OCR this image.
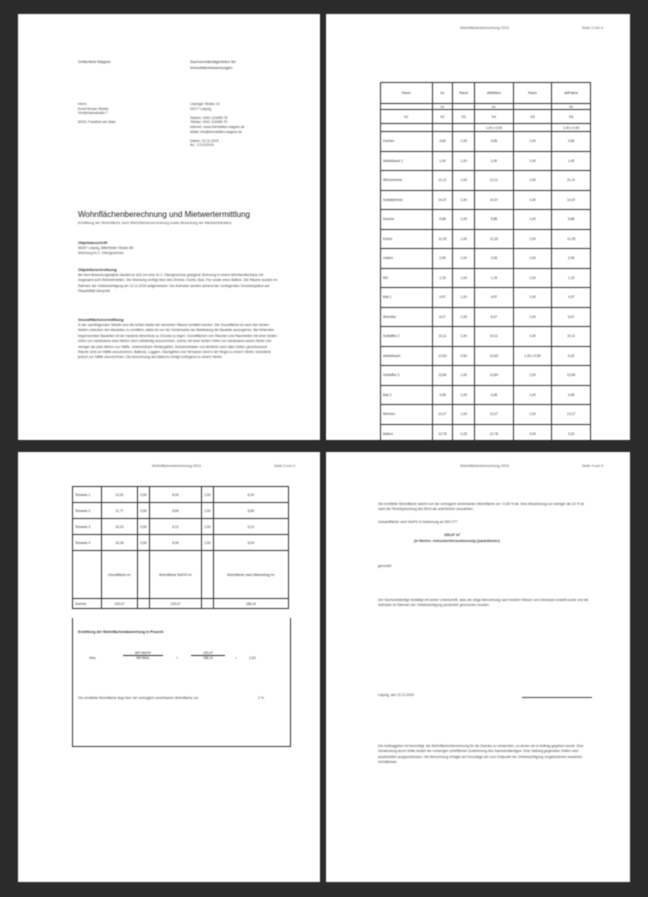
Grillenfeld Wagner	Sachverständigenbüro für
Immobilienbewertungen
Herrn
Ernst-Reuter-Straße
Vorderhausstraße 7
60311 Frankfurt am Main
Leipziger Straße 14
04177 Leipzig
Telefon: 0341 123456 78
Telefax: 0341 123456 79
Internet: www.immobilien-wagner.de
eMail: info@immobilien-wagner.de
Datum: 22.11.2019
Az.: 17/12/2019
Wohnflächenberechnung und Mietwertermittlung
Ermittlung der Wohnfläche nach Wohnflächenverordnung sowie Bewertung der Mietwertsituation
Objektanschrift
66347 Leipzig, Bitterfelder Straße 86
Wohnung im 2. Obergeschoss
Objektbeschreibung
Bei dem Bewertungsobjekt handelt es sich um eine im 2. Obergeschoss gelegene Wohnung in einem Mehrfamilienhaus mit insgesamt acht Wohneinheiten. Die Wohnung verfügt über drei Zimmer, Küche, Bad, Flur sowie einen Balkon. Die Räume wurden im Rahmen der Ortsbesichtigung am 12.11.2019 aufgemessen. Die Aufmaße wurden anhand der vorliegenden Grundrisspläne auf Plausibilität überprüft.
Grundflächenermittlung
In der nachfolgenden Tabelle sind die lichten Maße der einzelnen Räume ermittelt worden. Die Grundfläche ist nach den lichten Maßen zwischen den Bauteilen zu ermitteln; dabei ist von der Vorderkante der Bekleidung der Bauteile auszugehen. Bei fehlenden begrenzenden Bauteilen ist der bauliche Abschluss zu Grunde zu legen. Grundflächen von Räumen und Raumteilen mit einer lichten Höhe von mindestens zwei Metern sind vollständig anzurechnen, solche mit einer lichten Höhe von mindestens einem Meter und weniger als zwei Metern zur Hälfte. Unbeheizbare Wintergärten, Schwimmbäder und ähnliche nach allen Seiten geschlossene Räume sind zur Hälfte anzurechnen. Balkone, Loggien, Dachgärten und Terrassen sind in der Regel zu einem Viertel, höchstens jedoch zur Hälfte anzurechnen. Die Anrechnung des Balkons erfolgt vorliegend zu einem Viertel.
Wohnflächenberechnung 2019	Seite 2 von 4
Raum	A1	Raum	ablfAlters	Raum	ablFaktor
	m²		m²		m²
K1	K2	K3	K4	K5	K6
			1.00 x 0,90		1.00 x 0,90
Kochen	3,65	1,00	3,65	1,00	3,65
Abstellraum 1	1,40	1,00	1,40	1,00	1,40
Wohnzimmer	21,11	1,00	21,11	1,00	21,11
Schlafzimmer	14,37	1,00	14,37	1,00	14,37
Dusche	5,88	1,00	5,88	1,00	5,88
Küche	11,25	1,00	11,25	1,00	11,25
Garten	2,06	1,00	2,06	1,00	2,06
WC	1,15	1,00	1,15	1,00	1,15
Bad 1	4,97	1,00	4,97	1,00	4,97
Wohnflur	6,07	1,00	6,07	1,00	6,07
Schlafflur 2	10,11	1,00	10,11	1,00	10,11
Abstellraum	10,63	0,50	10,63	1,00 x 0,50	5,32
Schlafflur 3	13,84	1,00	13,84	1,00	13,84
Bad 2	3,48	1,00	3,48	1,00	3,48
Wohnen	13,27	1,00	13,27	1,00	13,27
Balkon	12,78	0,25	12,78	0,25	3,20
Wohnflächenberechnung 2019	Seite 3 von 4
Terrasse 1	12,00	0,50	6,00	1,00	6,00
Terrasse 2	11,77	0,50	5,89	1,00	5,89
Terrasse 3	10,23	0,50	5,12	1,00	5,12
Terrasse 4	10,18	0,50	5,09	1,00	5,09
	Grundfläche m²		Wohnfläche WoFlV m²		Wohnfläche nach Mietvertrag m²
Summe	193,47		193,47		188,14
Ermittlung der Wohnflächenabweichung in Prozent:
Abw.
WFl-WoFlV
Wfl Mietv.	=	$\frac{193,47}{188,14}$	=	2,83
Die ermittelte Wohnfläche liegt über der vertraglich vereinbarten Wohnfläche um	2 %
Wohnflächenberechnung 2019	Seite 4 von 4
Die ermittelte Wohnfläche weicht von der vertraglich vereinbarten Wohnfläche um +2,83 % ab. Eine Abweichung von weniger als 10 % ist nach der Rechtsprechung des BGH als unerheblich anzusehen.
Gesamtfläche nach WoFlV in Anlehnung an DIN 277:
193,47 m²
(in Worten: einhundertdreiundneunzig Quadratmeter)
gerundet
Der Sachverständige bestätigt mit seiner Unterschrift, dass die obige Berechnung nach bestem Wissen und Gewissen erstellt wurde und die Aufmaße im Rahmen der Ortsbesichtigung persönlich genommen wurden.
Leipzig, den 22.11.2019
Der Auftraggeber ist berechtigt, die Wohnflächenberechnung für die Zwecke zu verwenden, zu denen sie in Auftrag gegeben wurde. Eine Verwendung durch Dritte bedarf der vorherigen schriftlichen Zustimmung des Sachverständigen. Eine Haftung gegenüber Dritten wird ausdrücklich ausgeschlossen. Die Berechnung erfolgte auf Grundlage der zum Zeitpunkt der Ortsbesichtigung vorgefundenen baulichen Verhältnisse.
